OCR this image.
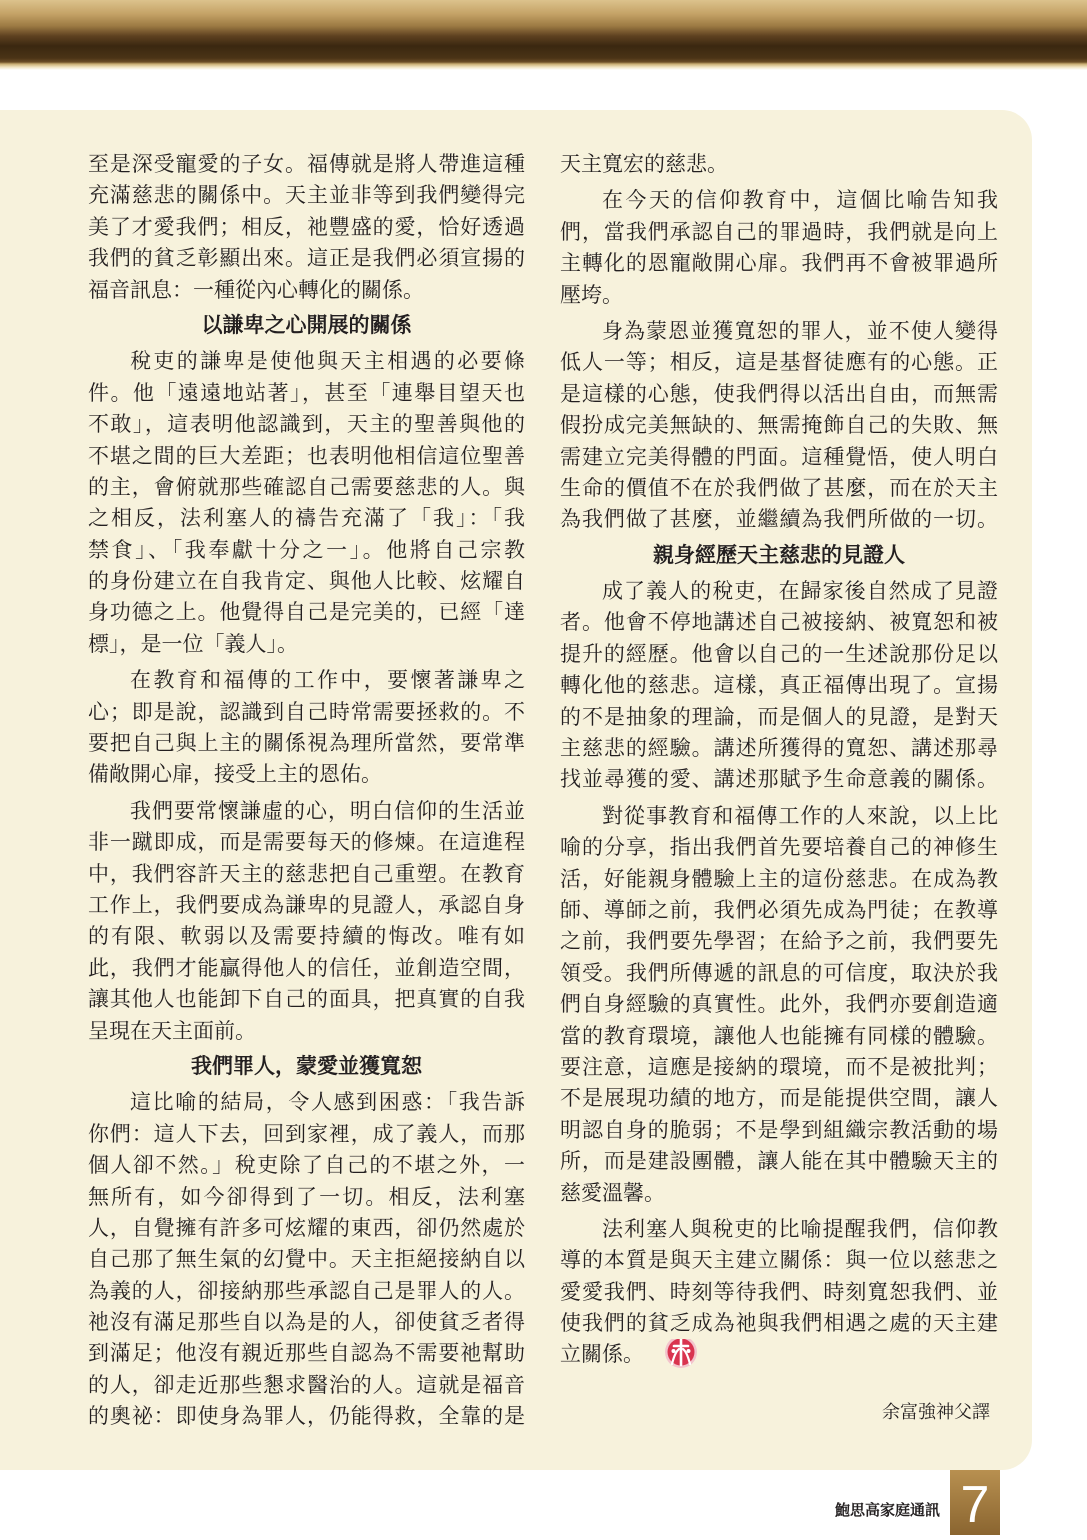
至是深受寵愛的子女。福傳就是將人帶進這種
充滿慈悲的關係中。天主並非等到我們變得完
美了才愛我們；相反，祂豐盛的愛，恰好透過
我們的貧乏彰顯出來。這正是我們必須宣揚的
福音訊息：一種從內心轉化的關係。
以謙卑之心開展的關係
稅吏的謙卑是使他與天主相遇的必要條
件。他「遠遠地站著」，甚至「連舉目望天也
不敢」，這表明他認識到，天主的聖善與他的
不堪之間的巨大差距；也表明他相信這位聖善
的主，會俯就那些確認自己需要慈悲的人。與
之相反，法利塞人的禱告充滿了「我」：「我
禁食」、「我奉獻十分之一」。他將自己宗教
的身份建立在自我肯定、與他人比較、炫耀自
身功德之上。他覺得自己是完美的，已經「達
標」，是一位「義人」。
在教育和福傳的工作中，要懷著謙卑之
心；即是說，認識到自己時常需要拯救的。不
要把自己與上主的關係視為理所當然，要常準
備敞開心扉，接受上主的恩佑。
我們要常懷謙虛的心，明白信仰的生活並
非一蹴即成，而是需要每天的修煉。在這進程
中，我們容許天主的慈悲把自己重塑。在教育
工作上，我們要成為謙卑的見證人，承認自身
的有限、軟弱以及需要持續的悔改。唯有如
此，我們才能贏得他人的信任，並創造空間，
讓其他人也能卸下自己的面具，把真實的自我
呈現在天主面前。
我們罪人，蒙愛並獲寬恕
這比喻的結局，令人感到困惑：「我告訴
你們：這人下去，回到家裡，成了義人，而那
個人卻不然。」稅吏除了自己的不堪之外，一
無所有，如今卻得到了一切。相反，法利塞
人，自覺擁有許多可炫耀的東西，卻仍然處於
自己那了無生氣的幻覺中。天主拒絕接納自以
為義的人，卻接納那些承認自己是罪人的人。
祂沒有滿足那些自以為是的人，卻使貧乏者得
到滿足；他沒有親近那些自認為不需要祂幫助
的人，卻走近那些懇求醫治的人。這就是福音
的奧祕：即使身為罪人，仍能得救，全靠的是
天主寬宏的慈悲。
在今天的信仰教育中，這個比喻告知我
們，當我們承認自己的罪過時，我們就是向上
主轉化的恩寵敞開心扉。我們再不會被罪過所
壓垮。
身為蒙恩並獲寬恕的罪人，並不使人變得
低人一等；相反，這是基督徒應有的心態。正
是這樣的心態，使我們得以活出自由，而無需
假扮成完美無缺的、無需掩飾自己的失敗、無
需建立完美得體的門面。這種覺悟，使人明白
生命的價值不在於我們做了甚麼，而在於天主
為我們做了甚麼，並繼續為我們所做的一切。
親身經歷天主慈悲的見證人
成了義人的稅吏，在歸家後自然成了見證
者。他會不停地講述自己被接納、被寬恕和被
提升的經歷。他會以自己的一生述說那份足以
轉化他的慈悲。這樣，真正福傳出現了。宣揚
的不是抽象的理論，而是個人的見證，是對天
主慈悲的經驗。講述所獲得的寬恕、講述那尋
找並尋獲的愛、講述那賦予生命意義的關係。
對從事教育和福傳工作的人來說，以上比
喻的分享，指出我們首先要培養自己的神修生
活，好能親身體驗上主的這份慈悲。在成為教
師、導師之前，我們必須先成為門徒；在教導
之前，我們要先學習；在給予之前，我們要先
領受。我們所傳遞的訊息的可信度，取決於我
們自身經驗的真實性。此外，我們亦要創造適
當的教育環境，讓他人也能擁有同樣的體驗。
要注意，這應是接納的環境，而不是被批判；
不是展現功績的地方，而是能提供空間，讓人
明認自身的脆弱；不是學到組織宗教活動的場
所，而是建設團體，讓人能在其中體驗天主的
慈愛溫馨。
法利塞人與稅吏的比喻提醒我們，信仰教
導的本質是與天主建立關係：與一位以慈悲之
愛愛我們、時刻等待我們、時刻寬恕我們、並
使我們的貧乏成為祂與我們相遇之處的天主建
立關係。
余富強神父譯
鮑思高家庭通訊 7
